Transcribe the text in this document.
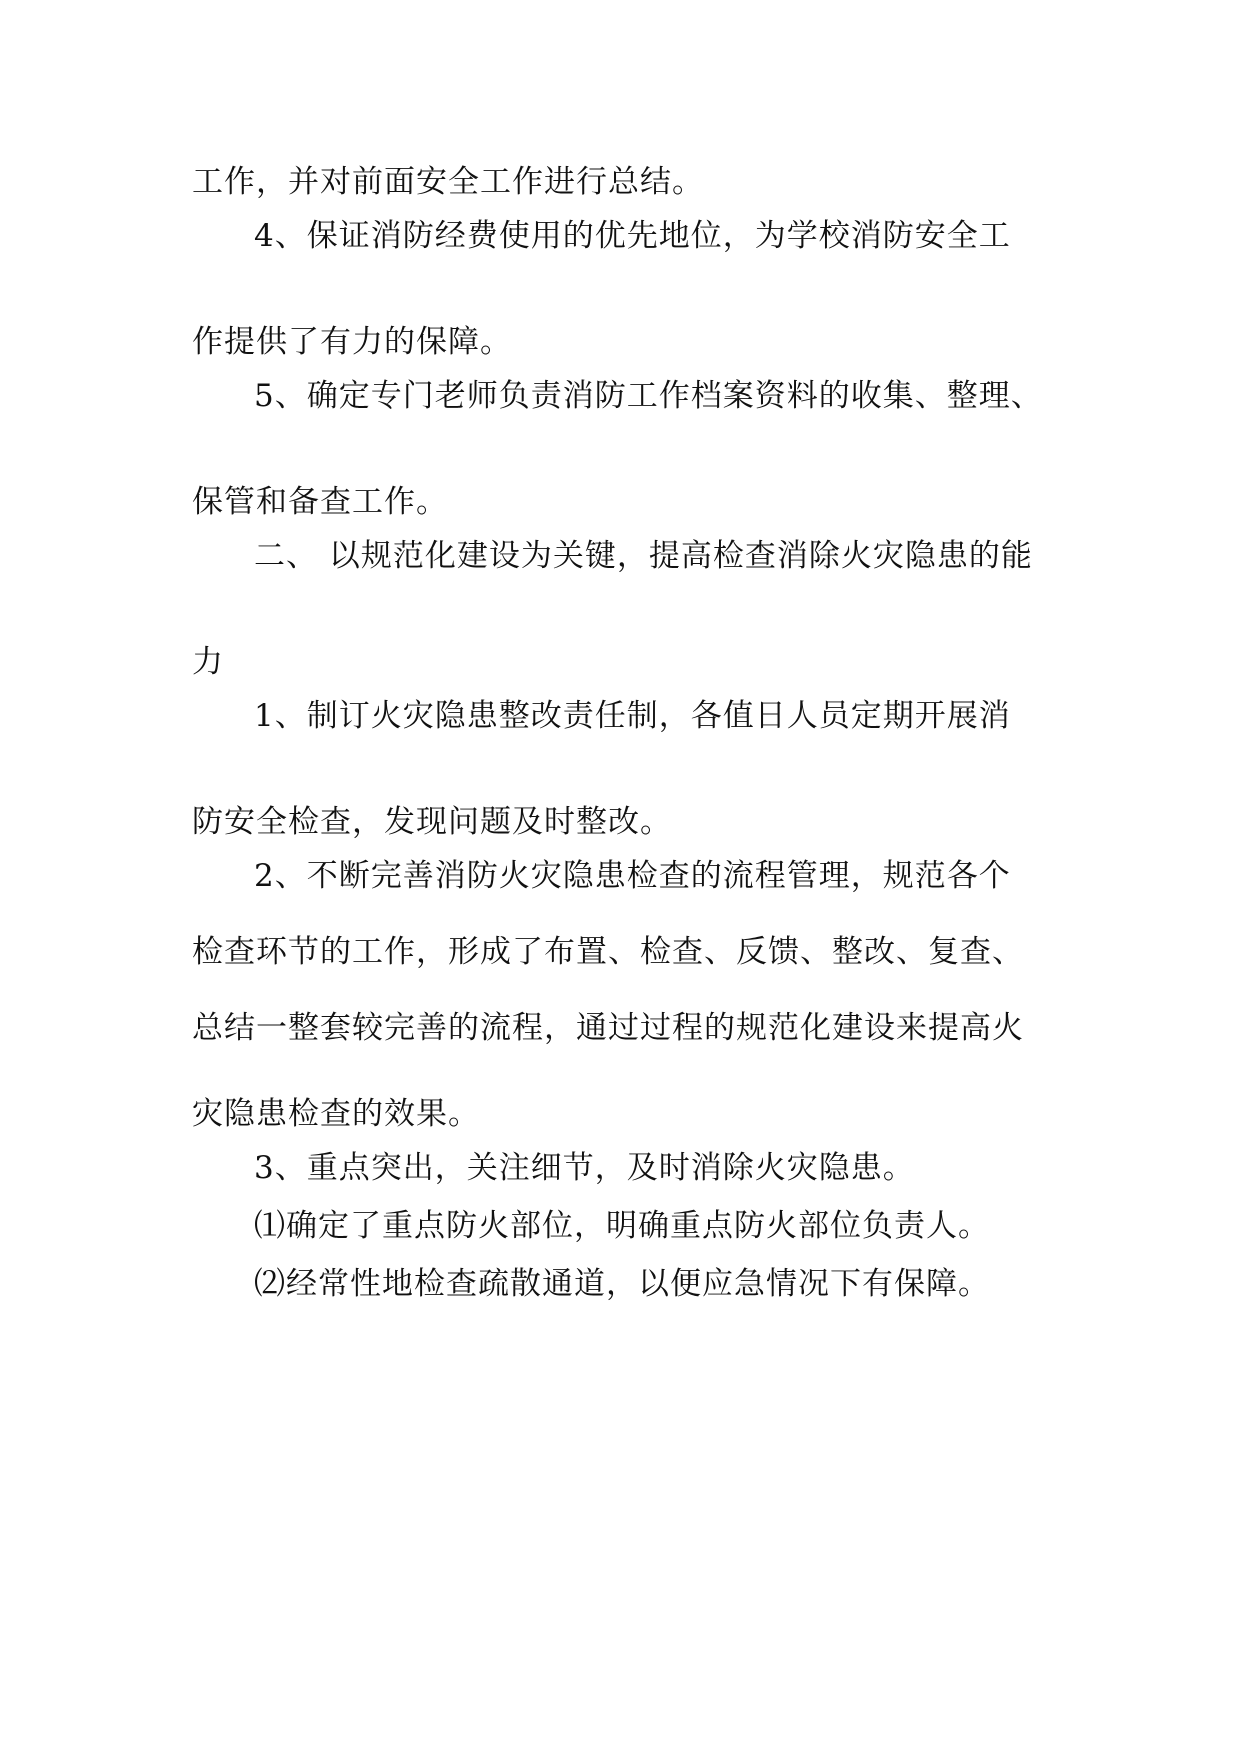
工作，并对前面安全工作进行总结。
4、保证消防经费使用的优先地位，为学校消防安全工
作提供了有力的保障。
5、确定专门老师负责消防工作档案资料的收集、整理、
保管和备查工作。
二、 以规范化建设为关键，提高检查消除火灾隐患的能
力
1、制订火灾隐患整改责任制，各值日人员定期开展消
防安全检查，发现问题及时整改。
2、不断完善消防火灾隐患检查的流程管理，规范各个
检查环节的工作，形成了布置、检查、反馈、整改、复查、
总结一整套较完善的流程，通过过程的规范化建设来提高火
灾隐患检查的效果。
3、重点突出，关注细节，及时消除火灾隐患。
⑴确定了重点防火部位，明确重点防火部位负责人。
⑵经常性地检查疏散通道，以便应急情况下有保障。
